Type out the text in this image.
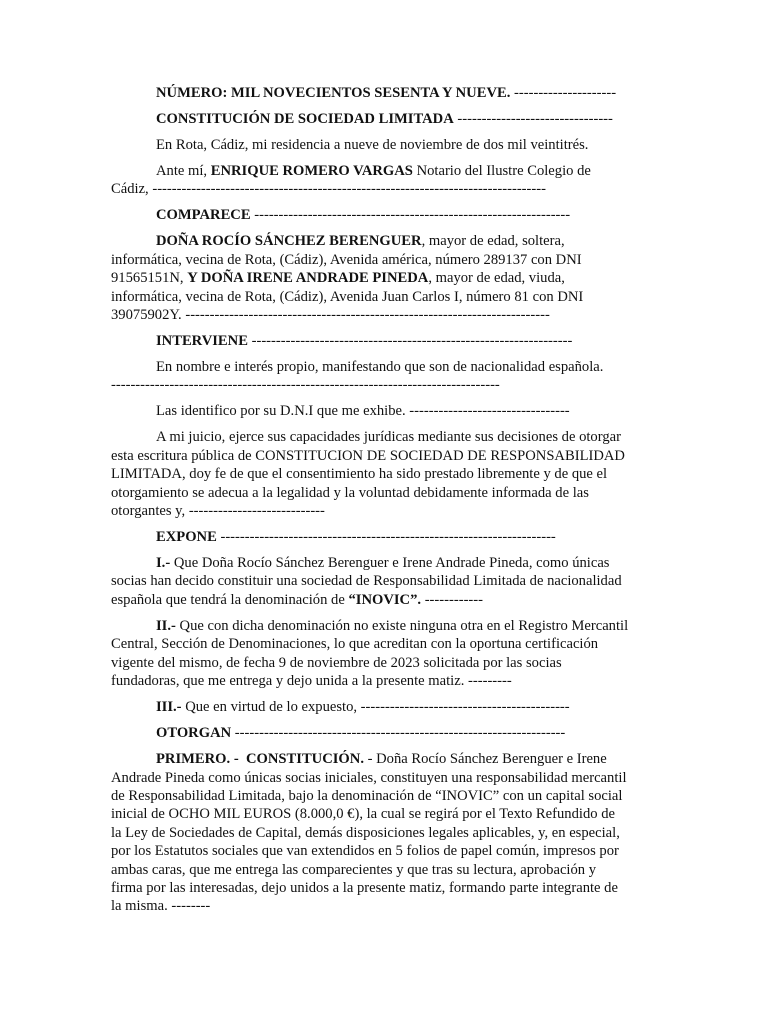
NÚMERO: MIL NOVECIENTOS SESENTA Y NUEVE. ---------------------
CONSTITUCIÓN DE SOCIEDAD LIMITADA --------------------------------
En Rota, Cádiz, mi residencia a nueve de noviembre de dos mil veintitrés.
Ante mí, ENRIQUE ROMERO VARGAS Notario del Ilustre Colegio de
Cádiz, ---------------------------------------------------------------------------------
COMPARECE -----------------------------------------------------------------
DOÑA ROCÍO SÁNCHEZ BERENGUER, mayor de edad, soltera,
informática, vecina de Rota, (Cádiz), Avenida américa, número 289137 con DNI
91565151N, Y DOÑA IRENE ANDRADE PINEDA, mayor de edad, viuda,
informática, vecina de Rota, (Cádiz), Avenida Juan Carlos I, número 81 con DNI
39075902Y. ---------------------------------------------------------------------------
INTERVIENE ------------------------------------------------------------------
En nombre e interés propio, manifestando que son de nacionalidad española.
--------------------------------------------------------------------------------
Las identifico por su D.N.I que me exhibe. ---------------------------------
A mi juicio, ejerce sus capacidades jurídicas mediante sus decisiones de otorgar
esta escritura pública de CONSTITUCION DE SOCIEDAD DE RESPONSABILIDAD
LIMITADA, doy fe de que el consentimiento ha sido prestado libremente y de que el
otorgamiento se adecua a la legalidad y la voluntad debidamente informada de las
otorgantes y, ----------------------------
EXPONE ---------------------------------------------------------------------
I.- Que Doña Rocío Sánchez Berenguer e Irene Andrade Pineda, como únicas
socias han decido constituir una sociedad de Responsabilidad Limitada de nacionalidad
española que tendrá la denominación de “INOVIC”. ------------
II.- Que con dicha denominación no existe ninguna otra en el Registro Mercantil
Central, Sección de Denominaciones, lo que acreditan con la oportuna certificación
vigente del mismo, de fecha 9 de noviembre de 2023 solicitada por las socias
fundadoras, que me entrega y dejo unida a la presente matiz. ---------
III.- Que en virtud de lo expuesto, -------------------------------------------
OTORGAN --------------------------------------------------------------------
PRIMERO. -  CONSTITUCIÓN. - Doña Rocío Sánchez Berenguer e Irene
Andrade Pineda como únicas socias iniciales, constituyen una responsabilidad mercantil
de Responsabilidad Limitada, bajo la denominación de “INOVIC” con un capital social
inicial de OCHO MIL EUROS (8.000,0 €), la cual se regirá por el Texto Refundido de
la Ley de Sociedades de Capital, demás disposiciones legales aplicables, y, en especial,
por los Estatutos sociales que van extendidos en 5 folios de papel común, impresos por
ambas caras, que me entrega las comparecientes y que tras su lectura, aprobación y
firma por las interesadas, dejo unidos a la presente matiz, formando parte integrante de
la misma. --------
